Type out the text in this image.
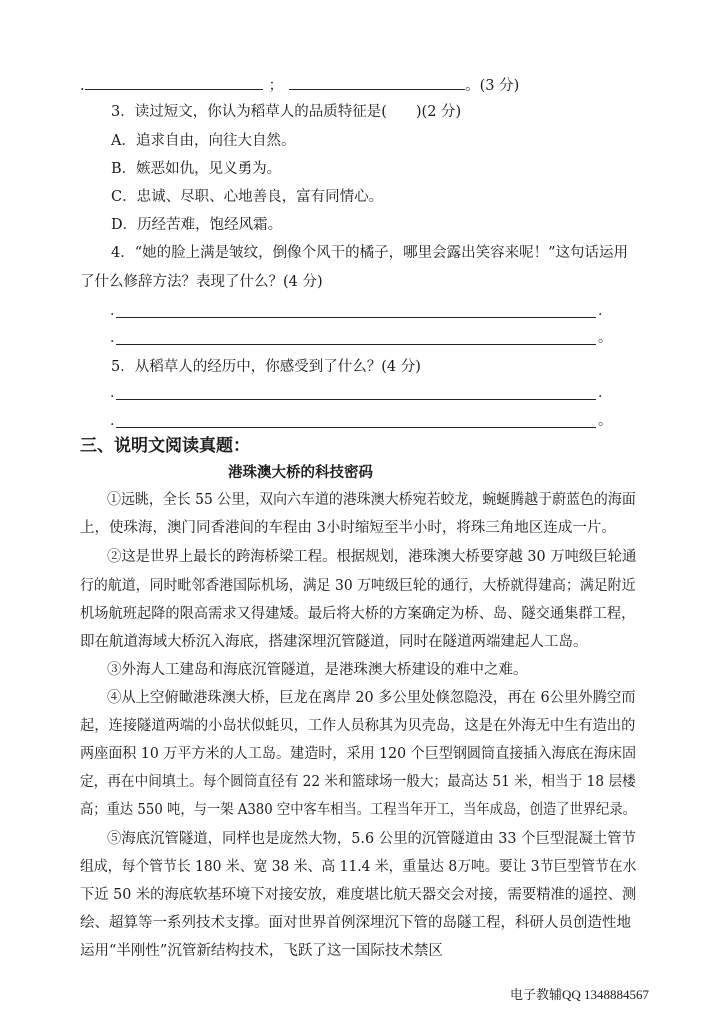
.	；	。(3 分)
3．读过短文，你认为稻草人的品质特征是(　　)(2 分)
A．追求自由，向往大自然。
B．嫉恶如仇，见义勇为。
C．忠诚、尽职、心地善良，富有同情心。
D．历经苦难，饱经风霜。
4．“她的脸上满是皱纹，倒像个风干的橘子，哪里会露出笑容来呢！”这句话运用
了什么修辞方法？表现了什么？(4 分)
.	.
.	。
5．从稻草人的经历中，你感受到了什么？(4 分)
.	.
.	。
三、说明文阅读真题：
港珠澳大桥的科技密码
①远眺，全长 55 公里，双向六车道的港珠澳大桥宛若蛟龙，蜿蜒腾越于蔚蓝色的海面
上，使珠海，澳门同香港间的车程由 3小时缩短至半小时，将珠三角地区连成一片。
②这是世界上最长的跨海桥梁工程。根据规划，港珠澳大桥要穿越 30 万吨级巨轮通
行的航道，同时毗邻香港国际机场，满足 30 万吨级巨轮的通行，大桥就得建高；满足附近
机场航班起降的限高需求又得建矮。最后将大桥的方案确定为桥、岛、隧交通集群工程，
即在航道海域大桥沉入海底，搭建深埋沉管隧道，同时在隧道两端建起人工岛。
③外海人工建岛和海底沉管隧道，是港珠澳大桥建设的难中之难。
④从上空俯瞰港珠澳大桥，巨龙在离岸 20 多公里处倏忽隐没，再在 6公里外腾空而
起，连接隧道两端的小岛状似蚝贝，工作人员称其为贝壳岛，这是在外海无中生有造出的
两座面积 10 万平方米的人工岛。建造时，采用 120 个巨型钢圆筒直接插入海底在海床固
定，再在中间填土。每个圆筒直径有 22 米和篮球场一般大；最高达 51 米，相当于 18 层楼
高；重达 550 吨，与一架 A380 空中客车相当。工程当年开工，当年成岛，创造了世界纪录。
⑤海底沉管隧道，同样也是庞然大物，5.6 公里的沉管隧道由 33 个巨型混凝土管节
组成，每个管节长 180 米、宽 38 米、高 11.4 米，重量达 8万吨。要让 3节巨型管节在水
下近 50 米的海底软基环境下对接安放，难度堪比航天器交会对接，需要精准的遥控、测
绘、超算等一系列技术支撑。面对世界首例深埋沉下管的岛隧工程，科研人员创造性地
运用“半刚性”沉管新结构技术，飞跃了这一国际技术禁区
电子教辅QQ 1348884567
